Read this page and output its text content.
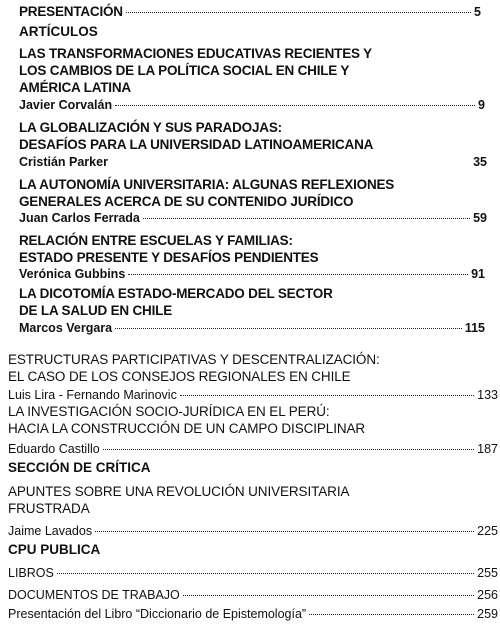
PRESENTACIÓN	5
ARTÍCULOS
LAS TRANSFORMACIONES EDUCATIVAS RECIENTES Y
LOS CAMBIOS DE LA POLÍTICA SOCIAL EN CHILE Y
AMÉRICA LATINA
Javier Corvalán	9
LA GLOBALIZACIÓN Y SUS PARADOJAS:
DESAFÍOS PARA LA UNIVERSIDAD LATINOAMERICANA
Cristián Parker	35
LA AUTONOMÍA UNIVERSITARIA: ALGUNAS REFLEXIONES
GENERALES ACERCA DE SU CONTENIDO JURÍDICO
Juan Carlos Ferrada	59
RELACIÓN ENTRE ESCUELAS Y FAMILIAS:
ESTADO PRESENTE Y DESAFÍOS PENDIENTES
Verónica Gubbins	91
LA DICOTOMÍA ESTADO-MERCADO DEL SECTOR
DE LA SALUD EN CHILE
Marcos Vergara	115
ESTRUCTURAS PARTICIPATIVAS Y DESCENTRALIZACIÓN:
EL CASO DE LOS CONSEJOS REGIONALES EN CHILE
Luis Lira - Fernando Marinovic	133
LA INVESTIGACIÓN SOCIO-JURÍDICA EN EL PERÚ:
HACIA LA CONSTRUCCIÓN DE UN CAMPO DISCIPLINAR
Eduardo Castillo	187
SECCIÓN DE CRÍTICA
APUNTES SOBRE UNA REVOLUCIÓN UNIVERSITARIA
FRUSTRADA
Jaime Lavados	225
CPU PUBLICA
LIBROS	255
DOCUMENTOS DE TRABAJO	256
Presentación del Libro “Diccionario de Epistemología”	259
